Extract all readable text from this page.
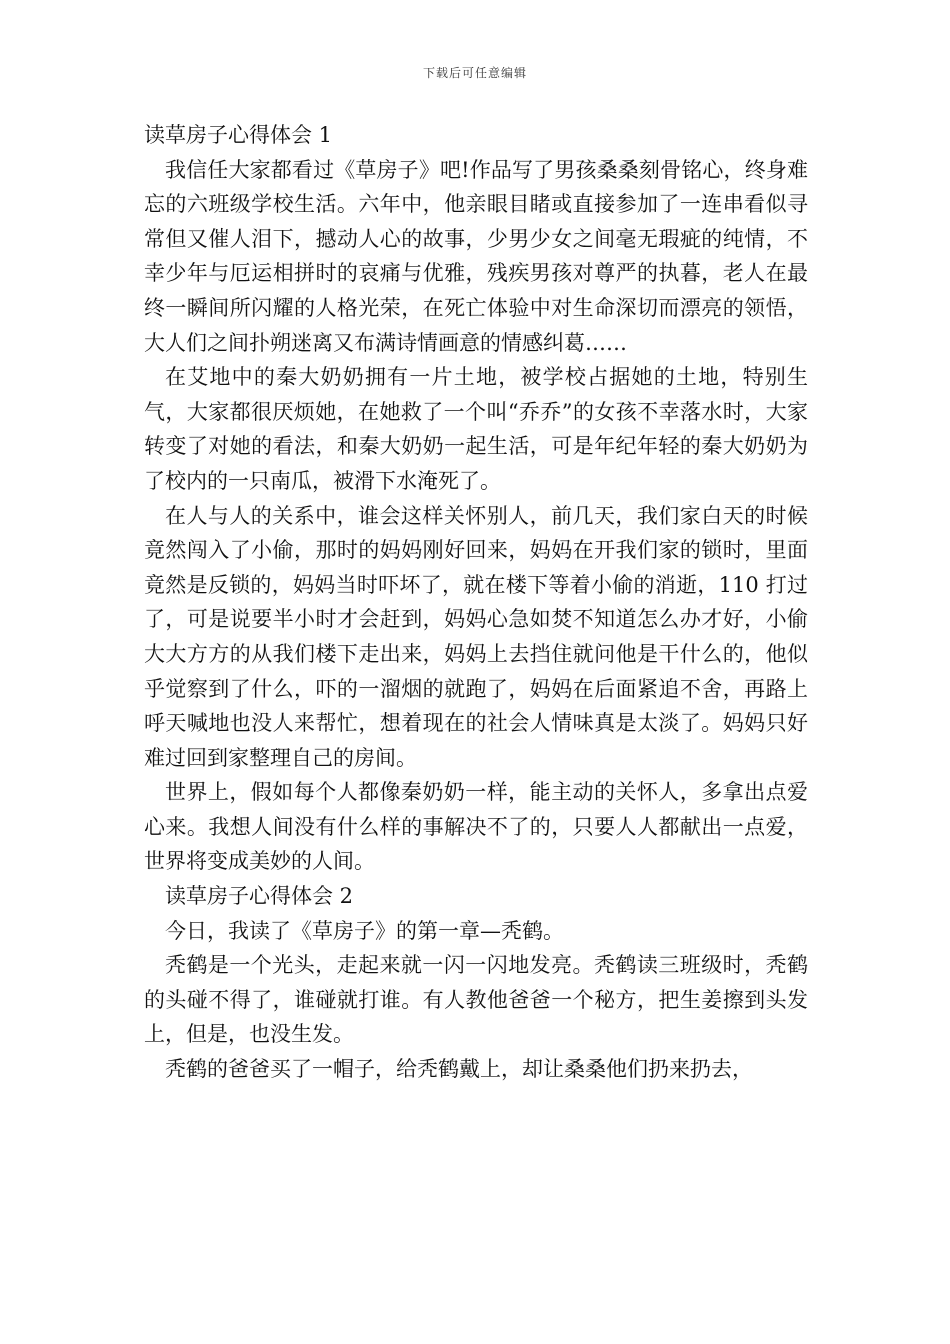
下载后可任意编辑

读草房子心得体会 1

我信任大家都看过《草房子》吧!作品写了男孩桑桑刻骨铭心，终身难忘的六班级学校生活。六年中，他亲眼目睹或直接参加了一连串看似寻常但又催人泪下，撼动人心的故事，少男少女之间毫无瑕疵的纯情，不幸少年与厄运相拼时的哀痛与优雅，残疾男孩对尊严的执暮，老人在最终一瞬间所闪耀的人格光荣，在死亡体验中对生命深切而漂亮的领悟，大人们之间扑朔迷离又布满诗情画意的情感纠葛……

在艾地中的秦大奶奶拥有一片土地，被学校占据她的土地，特别生气，大家都很厌烦她，在她救了一个叫“乔乔”的女孩不幸落水时，大家转变了对她的看法，和秦大奶奶一起生活，可是年纪年轻的秦大奶奶为了校内的一只南瓜，被滑下水淹死了。

在人与人的关系中，谁会这样关怀别人，前几天，我们家白天的时候竟然闯入了小偷，那时的妈妈刚好回来，妈妈在开我们家的锁时，里面竟然是反锁的，妈妈当时吓坏了，就在楼下等着小偷的消逝，110 打过了，可是说要半小时才会赶到，妈妈心急如焚不知道怎么办才好，小偷大大方方的从我们楼下走出来，妈妈上去挡住就问他是干什么的，他似乎觉察到了什么，吓的一溜烟的就跑了，妈妈在后面紧追不舍，再路上呼天喊地也没人来帮忙，想着现在的社会人情味真是太淡了。妈妈只好难过回到家整理自己的房间。

世界上，假如每个人都像秦奶奶一样，能主动的关怀人，多拿出点爱心来。我想人间没有什么样的事解决不了的，只要人人都献出一点爱，世界将变成美妙的人间。

读草房子心得体会 2

今日，我读了《草房子》的第一章—秃鹤。

秃鹤是一个光头，走起来就一闪一闪地发亮。秃鹤读三班级时，秃鹤的头碰不得了，谁碰就打谁。有人教他爸爸一个秘方，把生姜擦到头发上，但是，也没生发。

秃鹤的爸爸买了一帽子，给秃鹤戴上，却让桑桑他们扔来扔去，
